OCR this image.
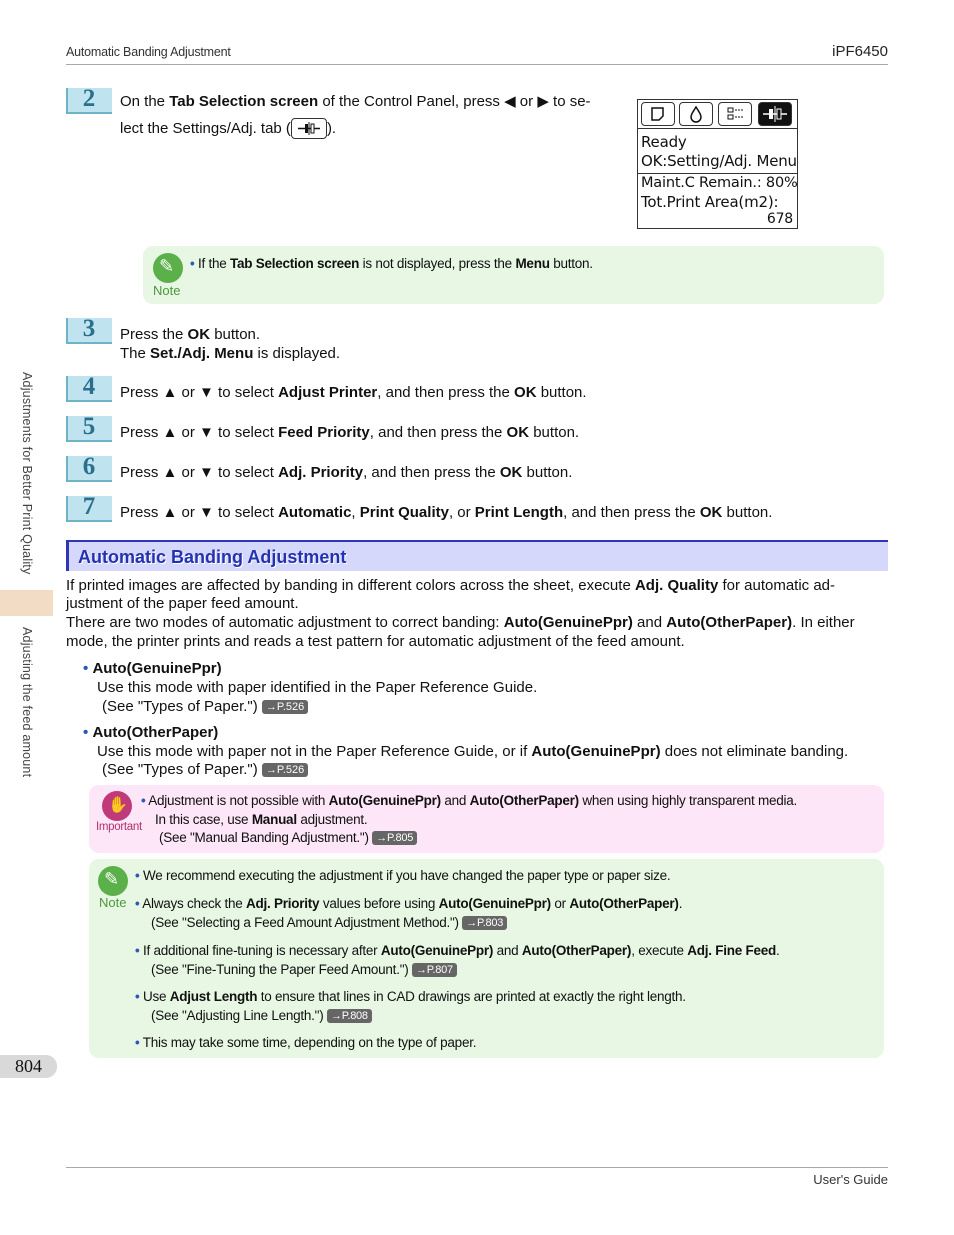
Automatic Banding Adjustment	iPF6450
Adjustments for Better Print Quality
Adjusting the feed amount
804
2	On the Tab Selection screen of the Control Panel, press ◀ or ▶ to se-
lect the Settings/Adj. tab ( ).
Ready
OK:Setting/Adj. Menu
Maint.C Remain.: 80%
Tot.Print Area(m2):
678
✎
Note
• If the Tab Selection screen is not displayed, press the Menu button.
3	Press the OK button.
The Set./Adj. Menu is displayed.
4	Press ▲ or ▼ to select Adjust Printer, and then press the OK button.
5	Press ▲ or ▼ to select Feed Priority, and then press the OK button.
6	Press ▲ or ▼ to select Adj. Priority, and then press the OK button.
7	Press ▲ or ▼ to select Automatic, Print Quality, or Print Length, and then press the OK button.
Automatic Banding Adjustment
If printed images are affected by banding in different colors across the sheet, execute Adj. Quality for automatic ad-
justment of the paper feed amount.
There are two modes of automatic adjustment to correct banding: Auto(GenuinePpr) and Auto(OtherPaper). In either
mode, the printer prints and reads a test pattern for automatic adjustment of the feed amount.
• Auto(GenuinePpr)
Use this mode with paper identified in the Paper Reference Guide.
(See "Types of Paper.") →P.526
• Auto(OtherPaper)
Use this mode with paper not in the Paper Reference Guide, or if Auto(GenuinePpr) does not eliminate banding.
(See "Types of Paper.") →P.526
✋
Important
• Adjustment is not possible with Auto(GenuinePpr) and Auto(OtherPaper) when using highly transparent media.
In this case, use Manual adjustment.
(See "Manual Banding Adjustment.") →P.805
✎
Note
• We recommend executing the adjustment if you have changed the paper type or paper size.
• Always check the Adj. Priority values before using Auto(GenuinePpr) or Auto(OtherPaper).
(See "Selecting a Feed Amount Adjustment Method.") →P.803
• If additional fine-tuning is necessary after Auto(GenuinePpr) and Auto(OtherPaper), execute Adj. Fine Feed.
(See "Fine-Tuning the Paper Feed Amount.") →P.807
• Use Adjust Length to ensure that lines in CAD drawings are printed at exactly the right length.
(See "Adjusting Line Length.") →P.808
• This may take some time, depending on the type of paper.
User's Guide
